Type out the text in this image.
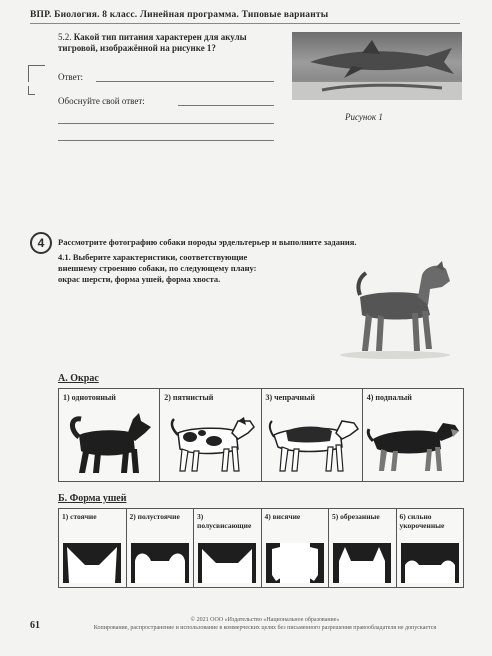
ВПР. Биология. 8 класс. Линейная программа. Типовые варианты
5.2. Какой тип питания характерен для акулы тигровой, изображённой на рисунке 1?
Ответ:
Обоснуйте свой ответ:
Рисунок 1
4	Рассмотрите фотографию собаки породы эрдельтерьер и выполните задания.
4.1. Выберите характеристики, соответствующие внешнему строению собаки, по следующему плану: окрас шерсти, форма ушей, форма хвоста.
А. Окрас
1) однотонный	2) пятнистый	3) чепрачный	4) подпалый
Б. Форма ушей
1) стоячие	2) полустоячие	3) полусвисающие
4) висячие	5) обрезанные	6) сильно укороченные
61	© 2021 ООО «Издательство «Национальное образование»
Копирование, распространение и использование в коммерческих целях без письменного разрешения правообладателя не допускается
